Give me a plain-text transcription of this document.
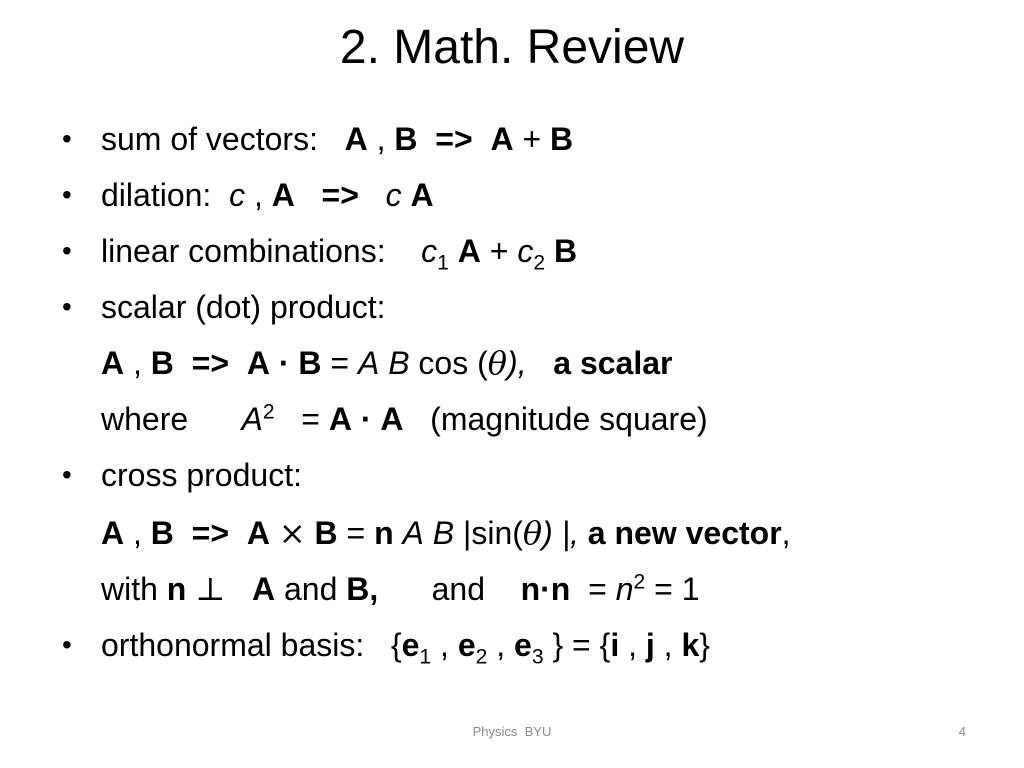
2. Math. Review
• sum of vectors: A , B => A + B
• dilation: c , A => c A
• linear combinations: $c_1$ $A + c_2$ B
• scalar (dot) product:
A , B => A · B = A B cos (θ), a scalar
where $A^2 = A \cdot A$ (magnitude square)
• cross product:
A , B => A × B = n A B |sin(θ) |, a new vector,
with n ⊥ A and B, and $n\cdot n = n^2 = 1$
• orthonormal basis: {$e_1$ , $e_2$ , $e_3$ } = {i , j , k}
Physics  BYU	4
